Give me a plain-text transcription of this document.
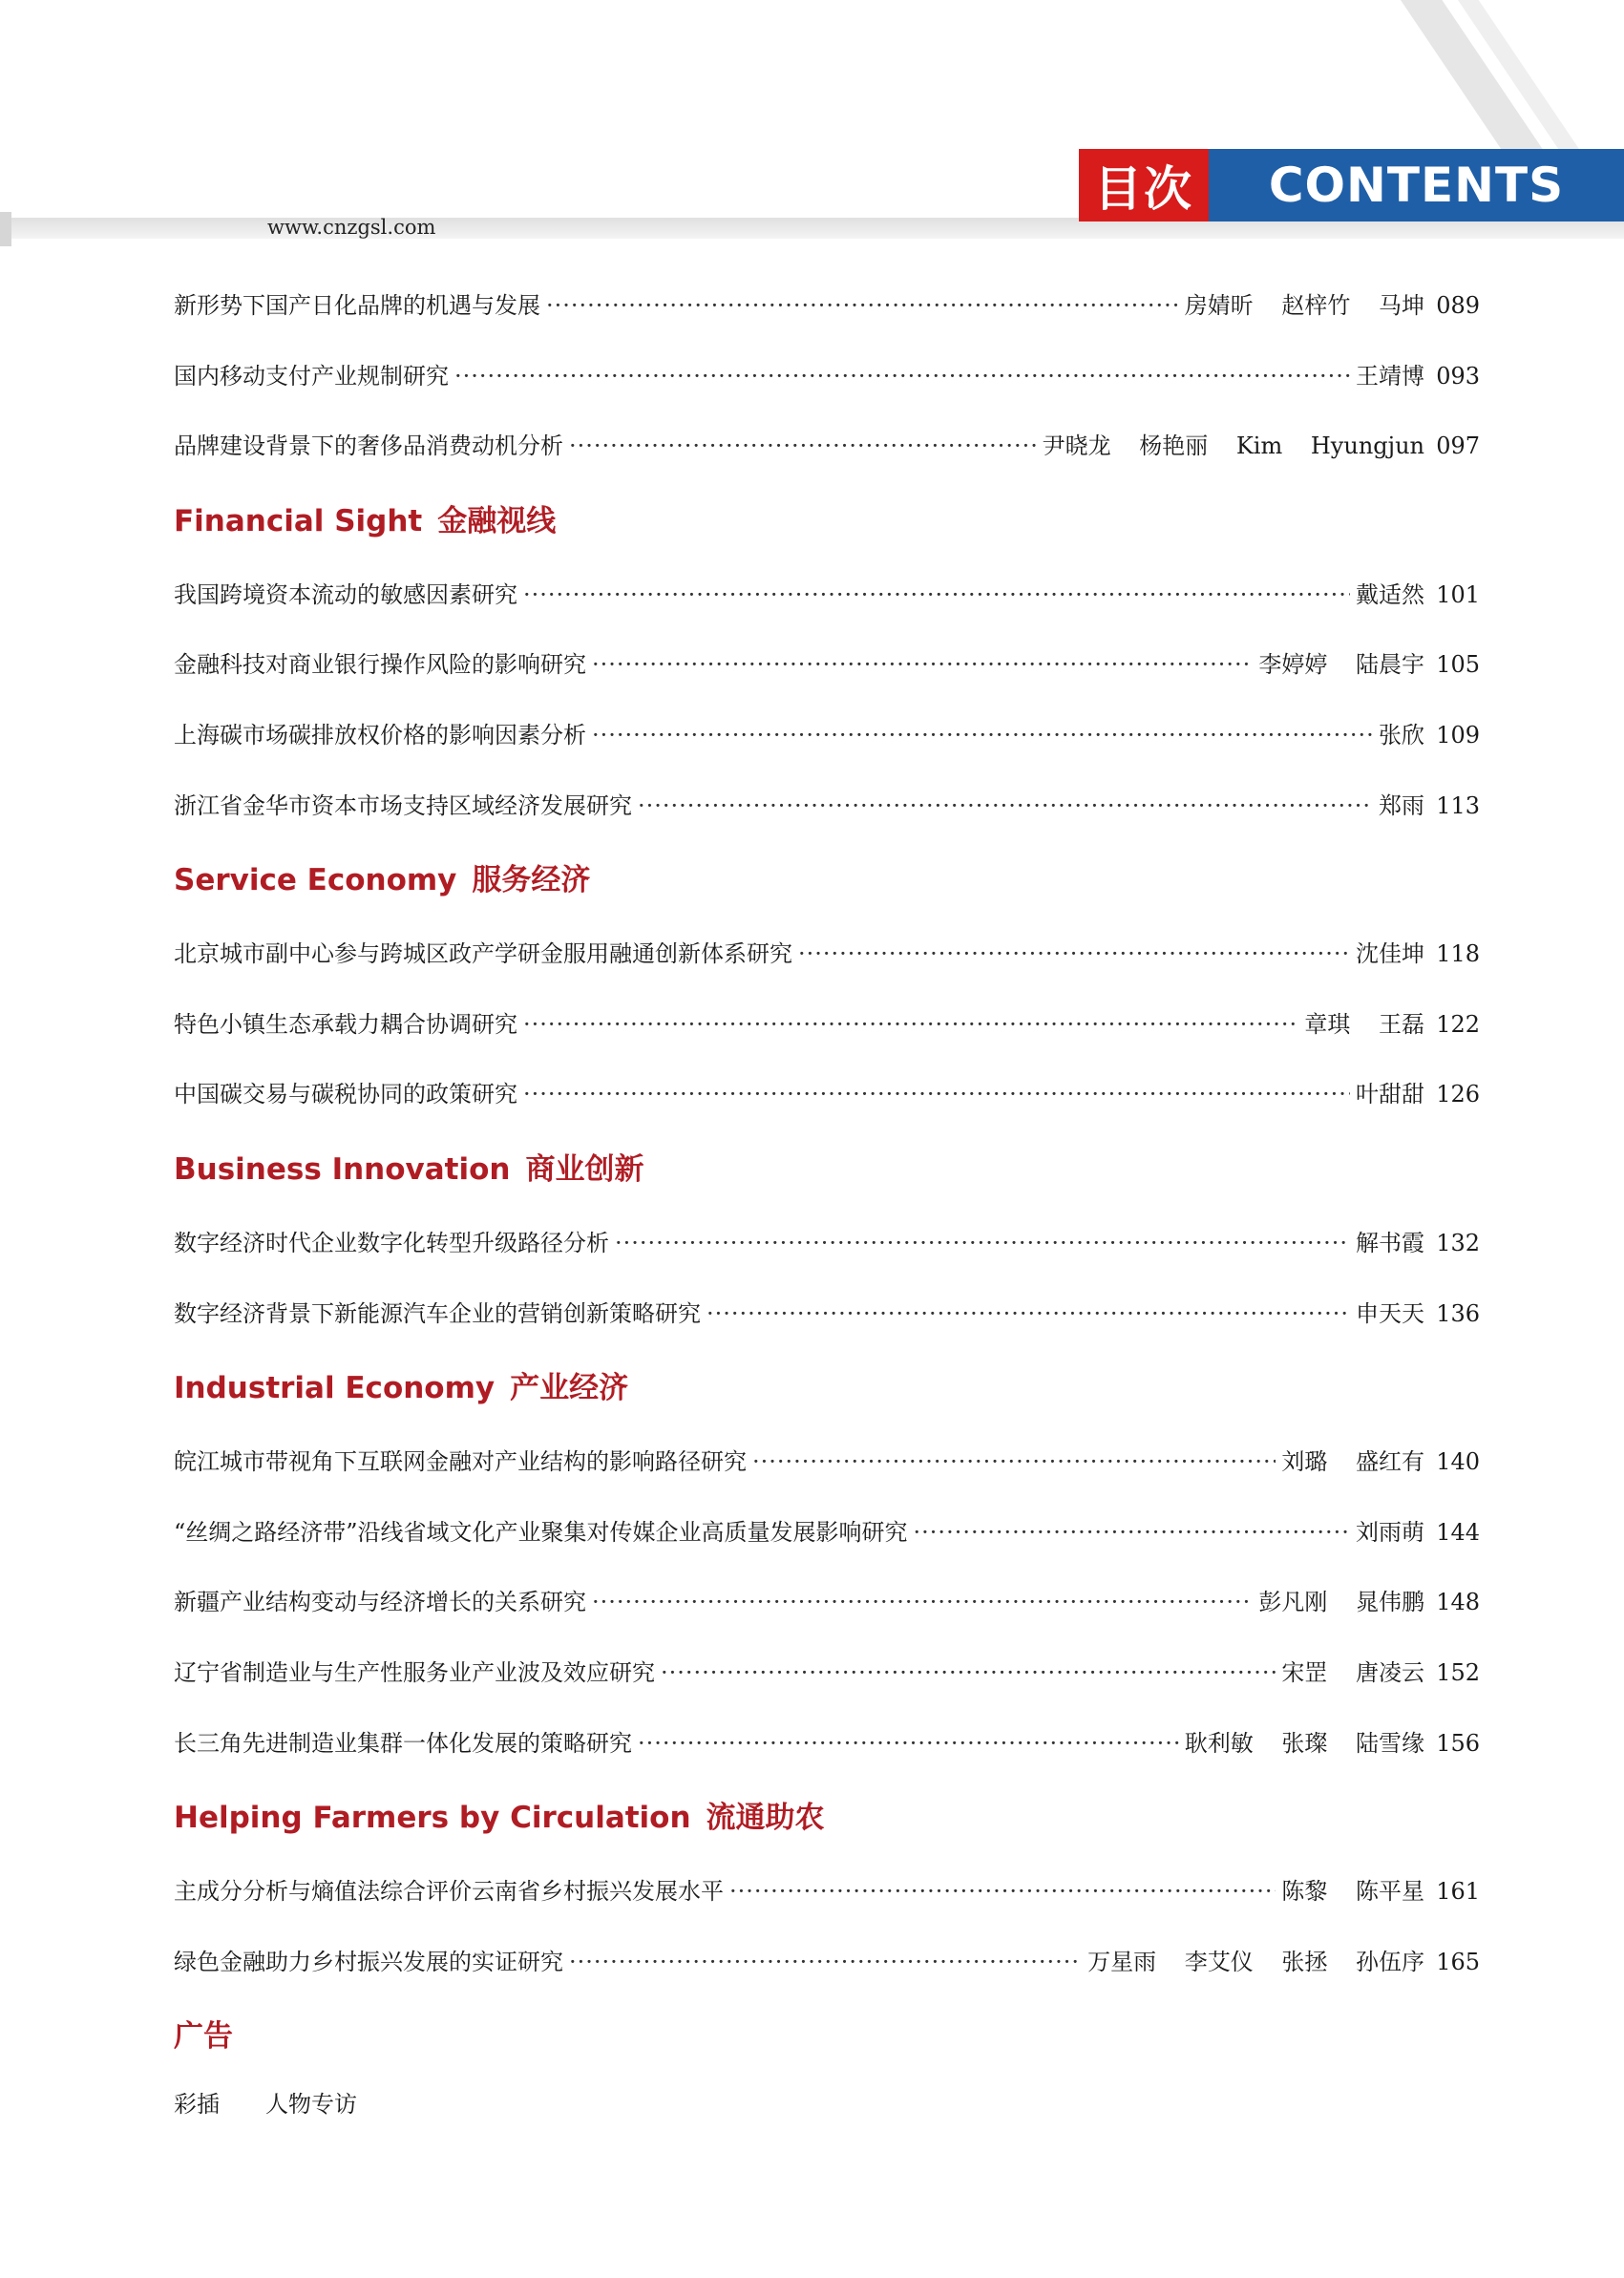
www.cnzgsl.com
目次	CONTENTS
新形势下国产日化品牌的机遇与发展 ·····	房婧昕 赵梓竹 马坤 089
国内移动支付产业规制研究 ·····	王靖博 093
品牌建设背景下的奢侈品消费动机分析 ·····	尹晓龙 杨艳丽 Kim Hyungjun 097
Financial Sight 金融视线
我国跨境资本流动的敏感因素研究 ·····	戴适然 101
金融科技对商业银行操作风险的影响研究 ·····	李婷婷 陆晨宇 105
上海碳市场碳排放权价格的影响因素分析 ·····	张欣 109
浙江省金华市资本市场支持区域经济发展研究 ·····	郑雨 113
Service Economy 服务经济
北京城市副中心参与跨城区政产学研金服用融通创新体系研究 ·····	沈佳坤 118
特色小镇生态承载力耦合协调研究 ·····	章琪 王磊 122
中国碳交易与碳税协同的政策研究 ·····	叶甜甜 126
Business Innovation 商业创新
数字经济时代企业数字化转型升级路径分析 ·····	解书霞 132
数字经济背景下新能源汽车企业的营销创新策略研究 ·····	申天天 136
Industrial Economy 产业经济
皖江城市带视角下互联网金融对产业结构的影响路径研究 ·····	刘璐 盛红有 140
“丝绸之路经济带”沿线省域文化产业聚集对传媒企业高质量发展影响研究 ·····	刘雨萌 144
新疆产业结构变动与经济增长的关系研究 ·····	彭凡刚 晁伟鹏 148
辽宁省制造业与生产性服务业产业波及效应研究 ·····	宋罡 唐凌云 152
长三角先进制造业集群一体化发展的策略研究 ·····	耿利敏 张璨 陆雪缘 156
Helping Farmers by Circulation 流通助农
主成分分析与熵值法综合评价云南省乡村振兴发展水平 ·····	陈黎 陈平星 161
绿色金融助力乡村振兴发展的实证研究 ·····	万星雨 李艾仪 张拯 孙伍序 165
广告
彩插 人物专访
